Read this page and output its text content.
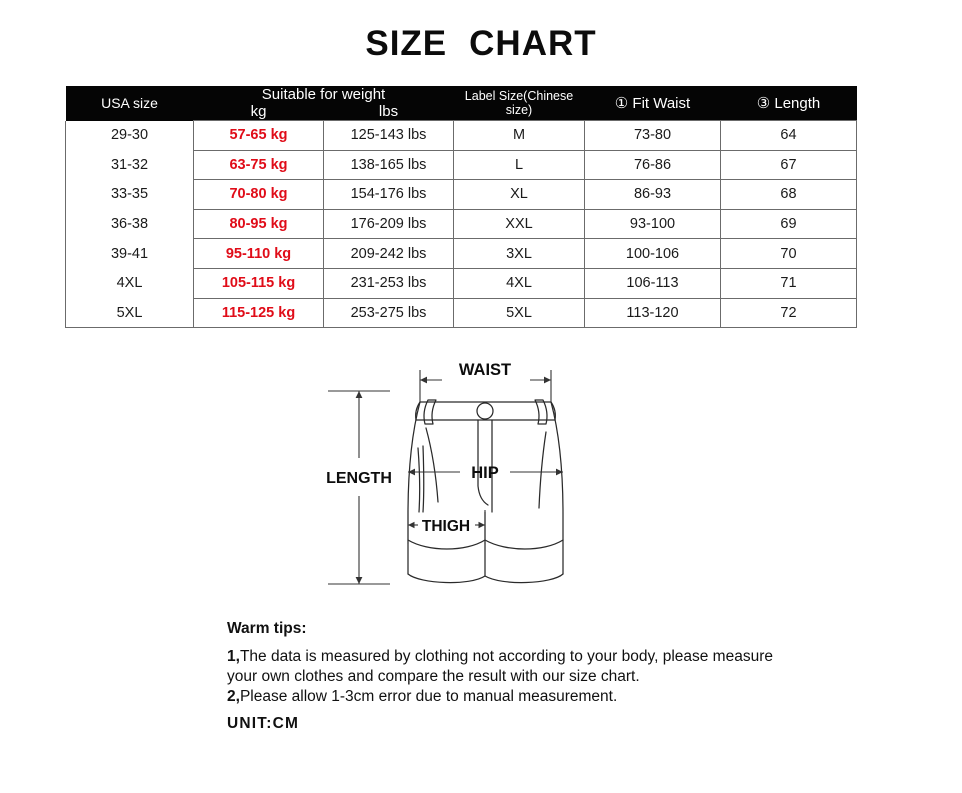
SIZE CHART
USA size	Suitable for weight		Label Size(Chinese size)	① Fit Waist	③ Length
	kg	lbs			
29-30	57-65 kg	125-143 lbs	M	73-80	64
31-32	63-75 kg	138-165 lbs	L	76-86	67
33-35	70-80 kg	154-176 lbs	XL	86-93	68
36-38	80-95 kg	176-209 lbs	XXL	93-100	69
39-41	95-110 kg	209-242 lbs	3XL	100-106	70
4XL	105-115 kg	231-253 lbs	4XL	106-113	71
5XL	115-125 kg	253-275 lbs	5XL	113-120	72
WAIST
HIP
THIGH
LENGTH
Warm tips:
1,The data is measured by clothing not according to your body, please measure your own clothes and compare the result with our size chart.
2,Please allow 1-3cm error due to manual measurement.
UNIT:CM
